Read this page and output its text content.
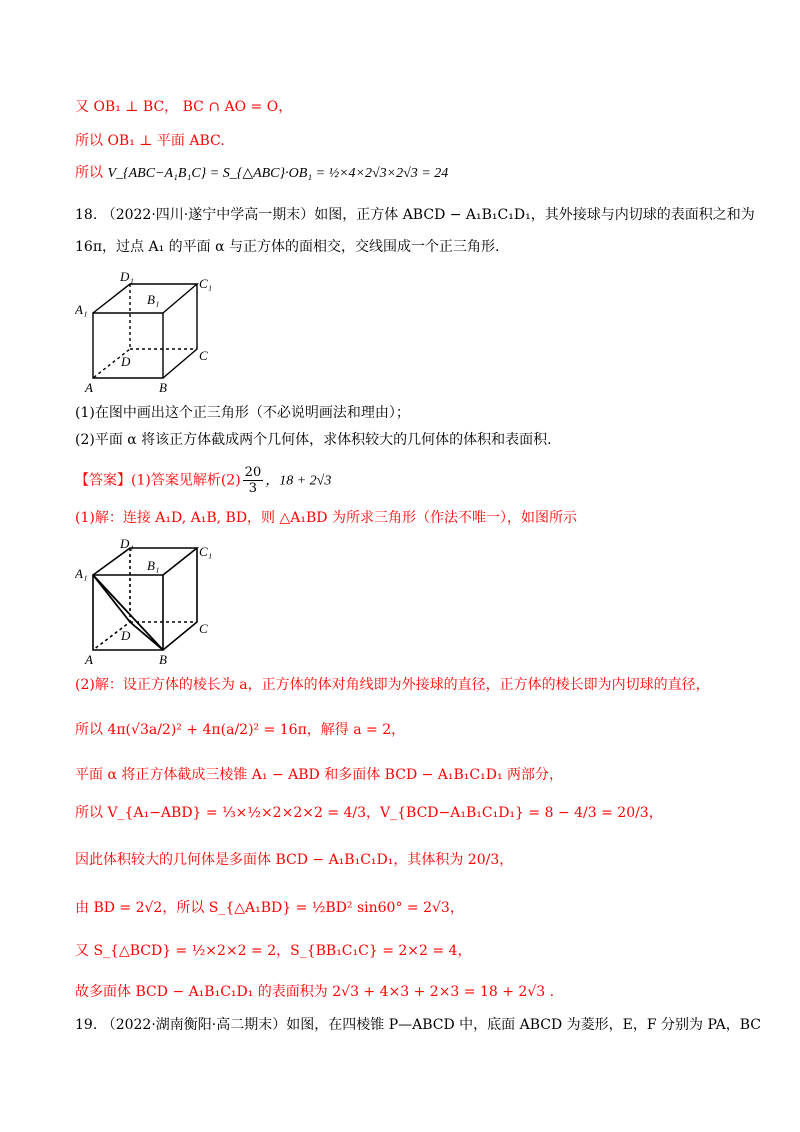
又 OB₁ ⊥ BC， BC ∩ AO = O，
所以 OB₁ ⊥ 平面 ABC.
所以 V_{ABC−A₁B₁C} = S_{△ABC}·OB₁ = ½×4×2√3×2√3 = 24
18. （2022·四川·遂宁中学高一期末）如图，正方体 ABCD − A₁B₁C₁D₁，其外接球与内切球的表面积之和为
16π，过点 A₁ 的平面 α 与正方体的面相交，交线围成一个正三角形.
D₁	C₁
A₁
B₁
C
D
A	B
(1)在图中画出这个正三角形（不必说明画法和理由）；
(2)平面 α 将该正方体截成两个几何体，求体积较大的几何体的体积和表面积.
【答案】(1)答案见解析$(2) \frac{20}{3}$ ，18 + 2√3
(1)解：连接 A₁D, A₁B, BD，则 △A₁BD 为所求三角形（作法不唯一），如图所示
D₁
C₁
A₁
B₁
C
D
A	B
(2)解：设正方体的棱长为 a，正方体的体对角线即为外接球的直径，正方体的棱长即为内切球的直径，
所以 4π(√3a/2)² + 4π(a/2)² = 16π，解得 a = 2，
平面 α 将正方体截成三棱锥 A₁ − ABD 和多面体 BCD − A₁B₁C₁D₁ 两部分，
所以 V_{A₁−ABD} = ⅓×½×2×2×2 = 4/3，V_{BCD−A₁B₁C₁D₁} = 8 − 4/3 = 20/3，
因此体积较大的几何体是多面体 BCD − A₁B₁C₁D₁，其体积为 20/3，
由 BD = 2√2，所以 S_{△A₁BD} = ½BD² sin60° = 2√3，
又 S_{△BCD} = ½×2×2 = 2，S_{BB₁C₁C} = 2×2 = 4，
故多面体 BCD − A₁B₁C₁D₁ 的表面积为 2√3 + 4×3 + 2×3 = 18 + 2√3 .
19. （2022·湖南衡阳·高二期末）如图，在四棱锥 P—ABCD 中，底面 ABCD 为菱形，E，F 分别为 PA，BC
